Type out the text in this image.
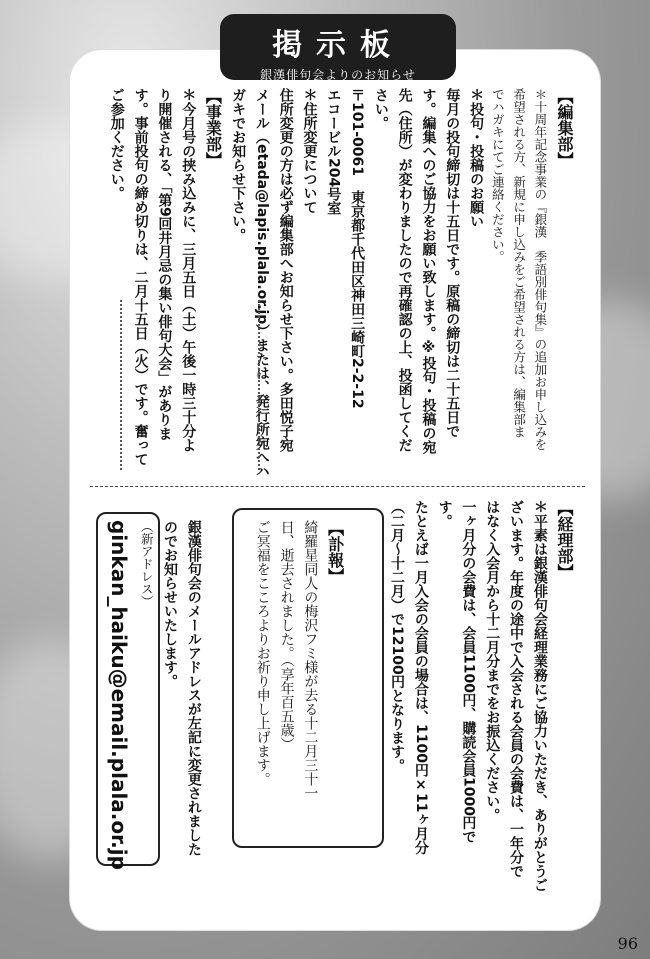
掲示板
銀漢俳句会よりのお知らせ
【編集部】
＊十周年記念事業の『銀漢　季語別俳句集』の追加お申し込みを
希望される方、新規に申し込みをご希望される方は、編集部ま
でハガキにてご連絡ください。
＊投句・投稿のお願い
毎月の投句締切は十五日です。原稿の締切は二十五日で
す。編集へのご協力をお願い致します。※投句・投稿の宛
先（住所）が変わりましたので再確認の上、投函してくだ
さい。
〒101-0061　東京都千代田区神田三崎町2-2-12
エコービル204号室
＊住所変更について
住所変更の方は必ず編集部へお知らせ下さい。多田悦子宛
メール（etada@lapis.plala.or.jp）または、発行所宛へハ
ガキでお知らせ下さい。
【事業部】
＊今月号の挟み込みに、三月五日（土）午後一時三十分よ
り開催される、「第9回井月忌の集い俳句大会」がありま
す。事前投句の締め切りは、二月十五日（火）です。奮って
ご参加ください。
【経理部】
＊平素は銀漢俳句会経理業務にご協力いただき、ありがとうご
ざいます。年度の途中で入会される会員の会費は、一年分で
はなく入会月から十二月分までをお振込ください。
一ヶ月分の会費は、会員1100円、購読会員1000円で
す。
たとえば一月入会の会員の場合は、1100円×11ヶ月分
（二月～十二月）で12100円となります。
【訃報】
綺羅星同人の梅沢フミ様が去る十二月三十一
日、逝去されました。（享年百五歳）
ご冥福をこころよりお祈り申し上げます。
銀漢俳句会のメールアドレスが左記に変更されました
のでお知らせいたします。
（新アドレス）
ginkan_haiku@email.plala.or.jp
96
